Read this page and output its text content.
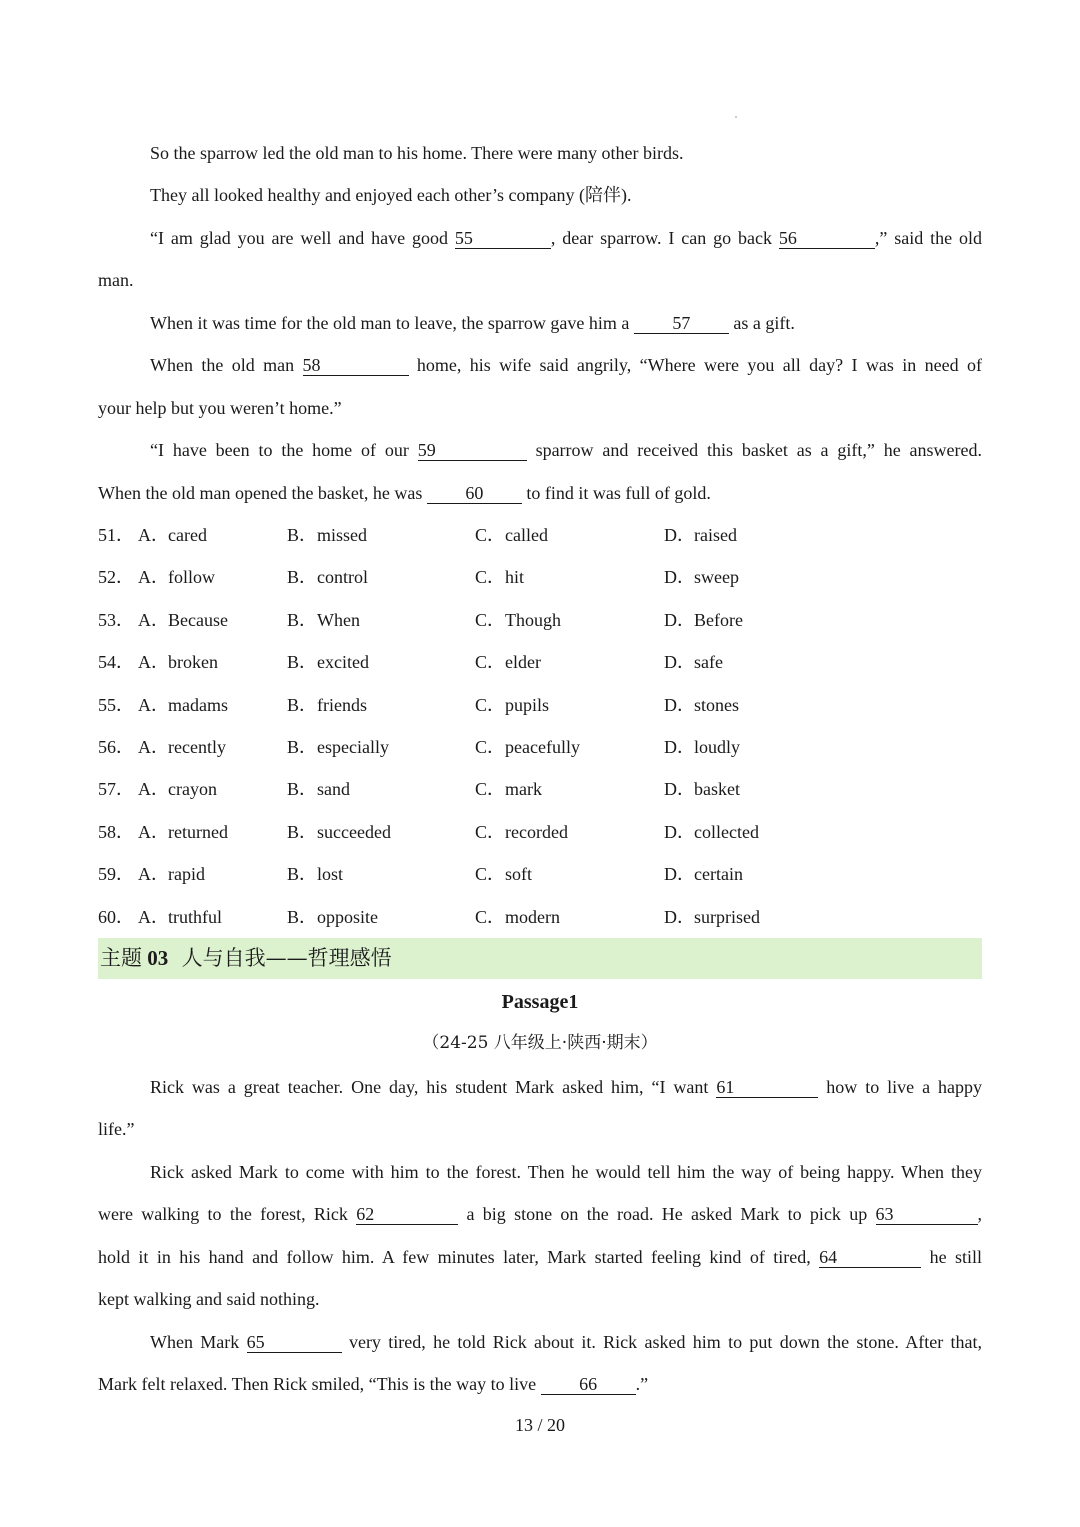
So the sparrow led the old man to his home. There were many other birds.
They all looked healthy and enjoyed each other’s company (陪伴).
“I am glad you are well and have good 55	, dear sparrow. I can go back 56	,” said the old
man.
When it was time for the old man to leave, the sparrow gave him a 57 as a gift.
When the old man 58	home, his wife said angrily, “Where were you all day? I was in need of
your help but you weren’t home.”
“I have been to the home of our 59	sparrow and received this basket as a gift,” he answered.
When the old man opened the basket, he was 60 to find it was full of gold.
51． A．cared	B．missed	C．called	D．raised
52． A．follow	B．control	C．hit	D．sweep
53． A．Because	B．When	C．Though	D．Before
54． A．broken	B．excited	C．elder	D．safe
55． A．madams	B．friends	C．pupils	D．stones
56． A．recently	B．especially	C．peacefully	D．loudly
57． A．crayon	B．sand	C．mark	D．basket
58． A．returned	B．succeeded	C．recorded	D．collected
59． A．rapid	B．lost	C．soft	D．certain
60． A．truthful	B．opposite	C．modern	D．surprised
主题 03 人与自我——哲理感悟
Passage1
（24-25 八年级上·陕西·期末）
Rick was a great teacher. One day, his student Mark asked him, “I want 61	how to live a happy
life.”
Rick asked Mark to come with him to the forest. Then he would tell him the way of being happy. When they
were walking to the forest, Rick 62	a big stone on the road. He asked Mark to pick up 63	,
hold it in his hand and follow him. A few minutes later, Mark started feeling kind of tired, 64	he still
kept walking and said nothing.
When Mark 65	very tired, he told Rick about it. Rick asked him to put down the stone. After that,
Mark felt relaxed. Then Rick smiled, “This is the way to live 66 .”
13 / 20
